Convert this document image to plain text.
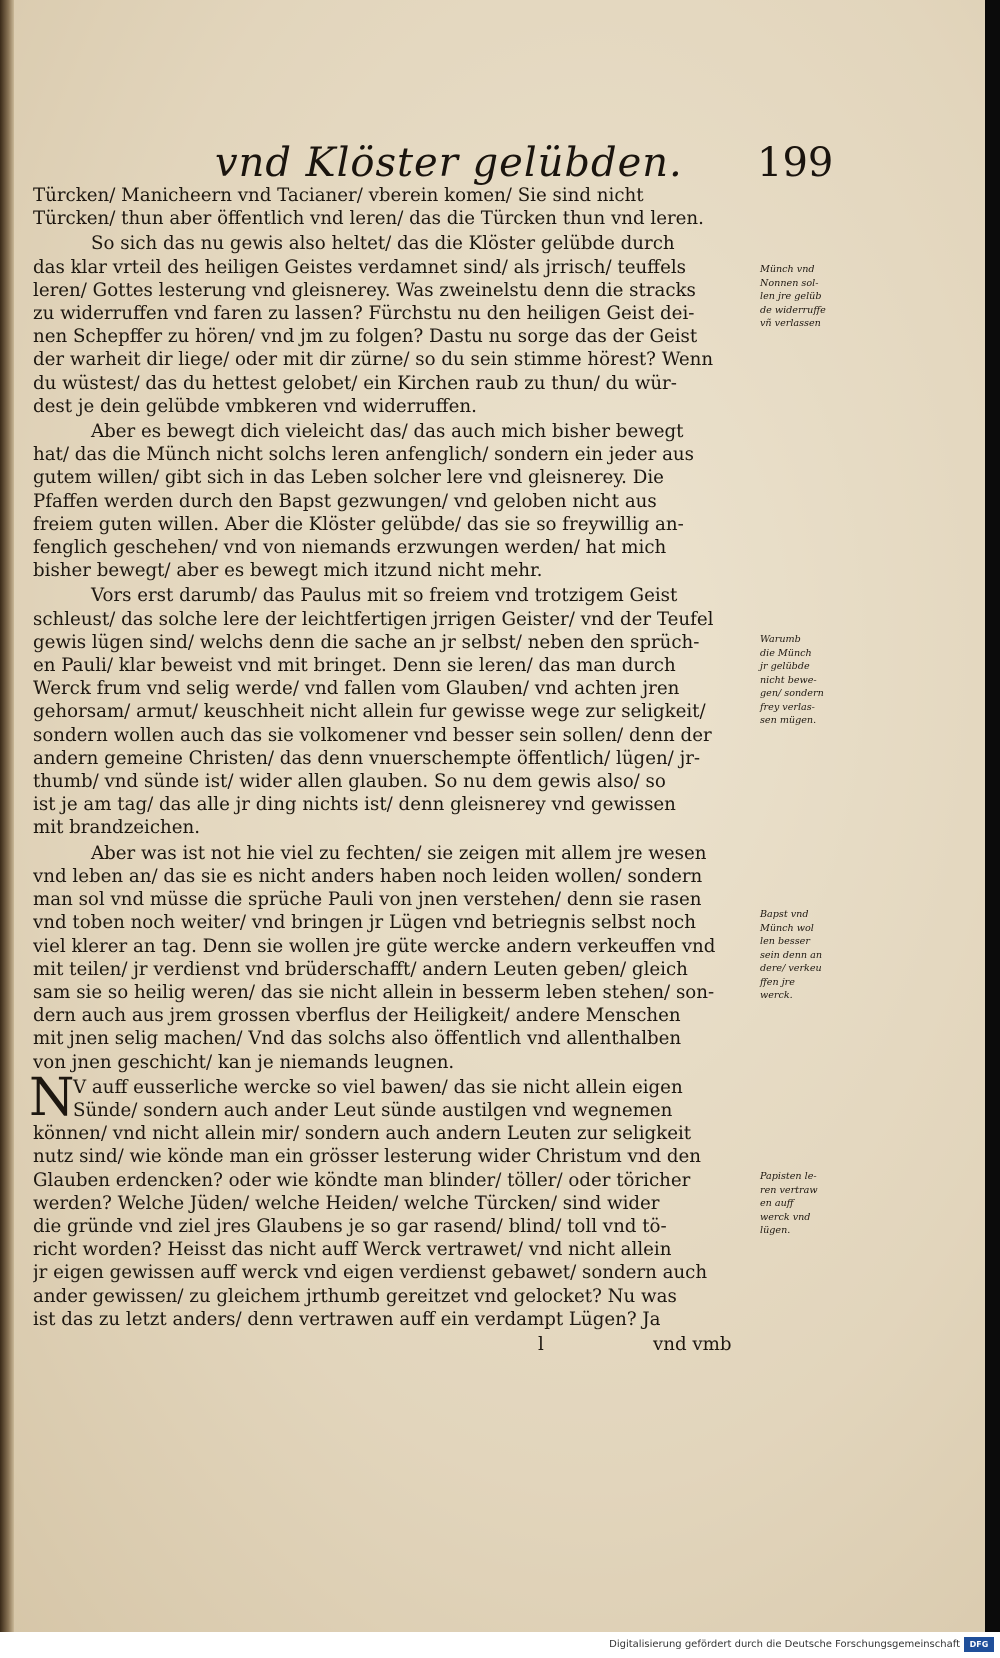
vnd Klöster gelübden. 199
Türcken/ Manicheern vnd Tacianer/ vberein komen/ Sie sind nicht
Türcken/ thun aber öffentlich vnd leren/ das die Türcken thun vnd leren.
So sich das nu gewis also heltet/ das die Klöster gelübde durch
das klar vrteil des heiligen Geistes verdamnet sind/ als jrrisch/ teuffels
leren/ Gottes lesterung vnd gleisnerey. Was zweinelstu denn die stracks
zu widerruffen vnd faren zu lassen? Fürchstu nu den heiligen Geist dei-
nen Schepffer zu hören/ vnd jm zu folgen? Dastu nu sorge das der Geist
der warheit dir liege/ oder mit dir zürne/ so du sein stimme hörest? Wenn
du wüstest/ das du hettest gelobet/ ein Kirchen raub zu thun/ du wür-
dest je dein gelübde vmbkeren vnd widerruffen.
Aber es bewegt dich vieleicht das/ das auch mich bisher bewegt
hat/ das die Münch nicht solchs leren anfenglich/ sondern ein jeder aus
gutem willen/ gibt sich in das Leben solcher lere vnd gleisnerey. Die
Pfaffen werden durch den Bapst gezwungen/ vnd geloben nicht aus
freiem guten willen. Aber die Klöster gelübde/ das sie so freywillig an-
fenglich geschehen/ vnd von niemands erzwungen werden/ hat mich
bisher bewegt/ aber es bewegt mich itzund nicht mehr.
Vors erst darumb/ das Paulus mit so freiem vnd trotzigem Geist
schleust/ das solche lere der leichtfertigen jrrigen Geister/ vnd der Teufel
gewis lügen sind/ welchs denn die sache an jr selbst/ neben den sprüch-
en Pauli/ klar beweist vnd mit bringet. Denn sie leren/ das man durch
Werck frum vnd selig werde/ vnd fallen vom Glauben/ vnd achten jren
gehorsam/ armut/ keuschheit nicht allein fur gewisse wege zur seligkeit/
sondern wollen auch das sie volkomener vnd besser sein sollen/ denn der
andern gemeine Christen/ das denn vnuerschempte öffentlich/ lügen/ jr-
thumb/ vnd sünde ist/ wider allen glauben. So nu dem gewis also/ so
ist je am tag/ das alle jr ding nichts ist/ denn gleisnerey vnd gewissen
mit brandzeichen.
Aber was ist not hie viel zu fechten/ sie zeigen mit allem jre wesen
vnd leben an/ das sie es nicht anders haben noch leiden wollen/ sondern
man sol vnd müsse die sprüche Pauli von jnen verstehen/ denn sie rasen
vnd toben noch weiter/ vnd bringen jr Lügen vnd betriegnis selbst noch
viel klerer an tag. Denn sie wollen jre güte wercke andern verkeuffen vnd
mit teilen/ jr verdienst vnd brüderschafft/ andern Leuten geben/ gleich
sam sie so heilig weren/ das sie nicht allein in besserm leben stehen/ son-
dern auch aus jrem grossen vberflus der Heiligkeit/ andere Menschen
mit jnen selig machen/ Vnd das solchs also öffentlich vnd allenthalben
von jnen geschicht/ kan je niemands leugnen.
N
V auff eusserliche wercke so viel bawen/ das sie nicht allein eigen
Sünde/ sondern auch ander Leut sünde austilgen vnd wegnemen
können/ vnd nicht allein mir/ sondern auch andern Leuten zur seligkeit
nutz sind/ wie könde man ein grösser lesterung wider Christum vnd den
Glauben erdencken? oder wie köndte man blinder/ töller/ oder töricher
werden? Welche Jüden/ welche Heiden/ welche Türcken/ sind wider
die gründe vnd ziel jres Glaubens je so gar rasend/ blind/ toll vnd tö-
richt worden? Heisst das nicht auff Werck vertrawet/ vnd nicht allein
jr eigen gewissen auff werck vnd eigen verdienst gebawet/ sondern auch
ander gewissen/ zu gleichem jrthumb gereitzet vnd gelocket? Nu was
ist das zu letzt anders/ denn vertrawen auff ein verdampt Lügen? Ja
l	vnd vmb
Münch vnd
Nonnen sol-
len jre gelüb
de widerruffe
vñ verlassen
Warumb
die Münch
jr gelübde
nicht bewe-
gen/ sondern
frey verlas-
sen mügen.
Bapst vnd
Münch wol
len besser
sein denn an
dere/ verkeu
ffen jre
werck.
Papisten le-
ren vertraw
en auff
werck vnd
lügen.
Digitalisierung gefördert durch die Deutsche Forschungsgemeinschaft	DFG
